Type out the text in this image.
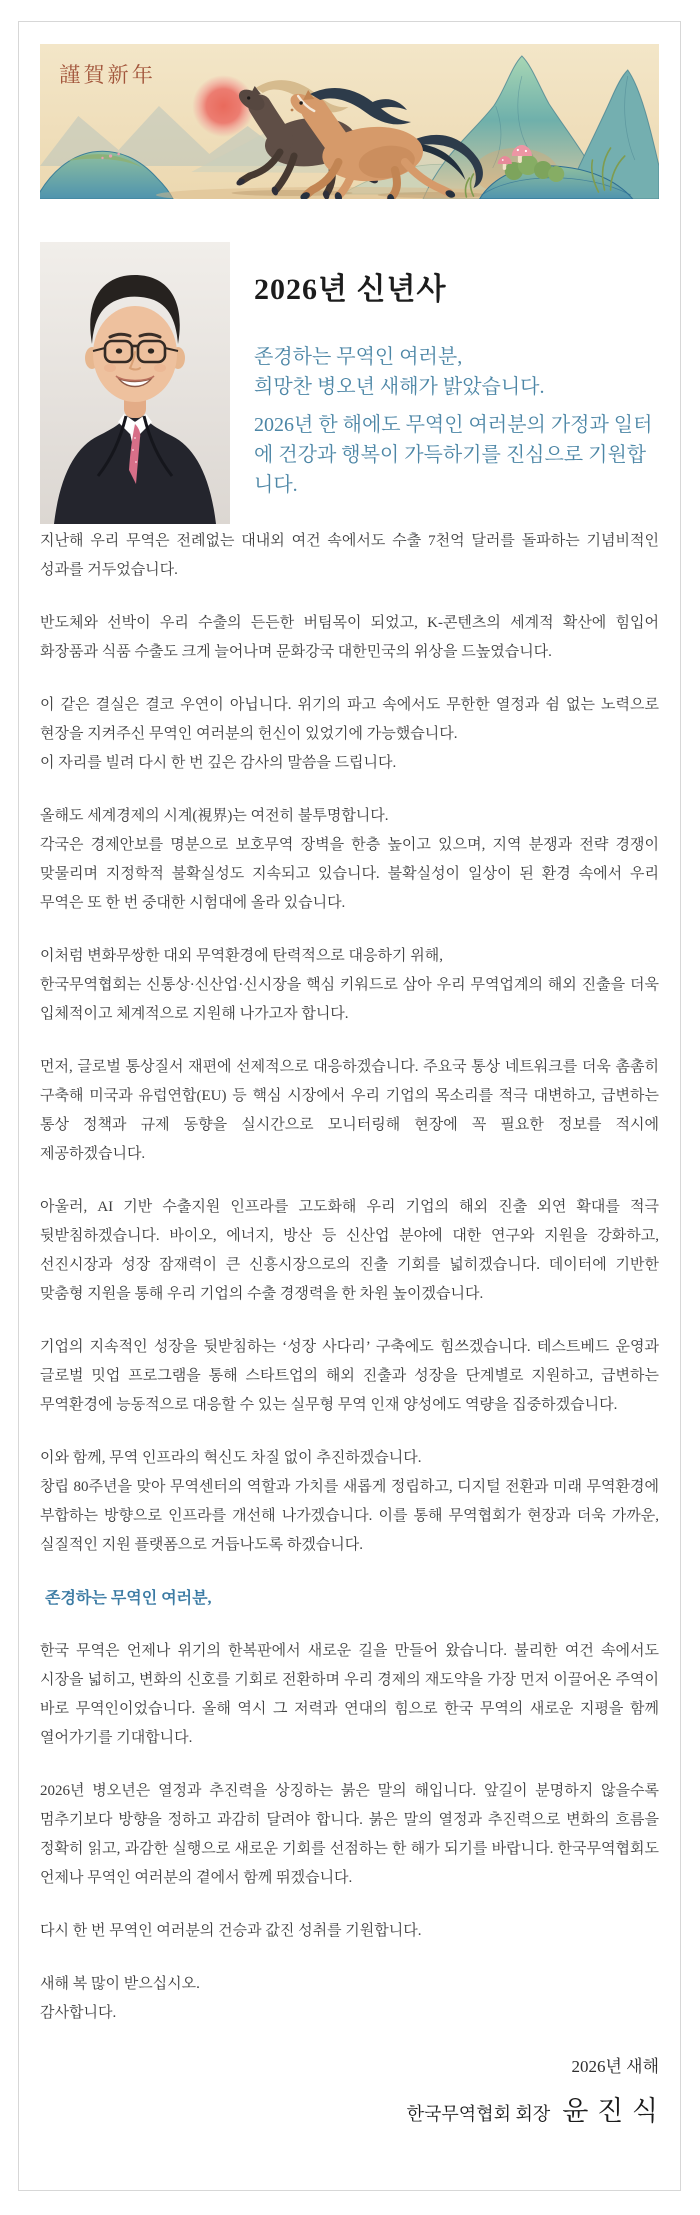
謹賀新年
2026년 신년사
존경하는 무역인 여러분,
희망찬 병오년 새해가 밝았습니다.
2026년 한 해에도 무역인 여러분의 가정과 일터에 건강과 행복이 가득하기를 진심으로 기원합니다.

지난해 우리 무역은 전례없는 대내외 여건 속에서도 수출 7천억 달러를 돌파하는 기념비적인 성과를 거두었습니다.

반도체와 선박이 우리 수출의 든든한 버팀목이 되었고, K-콘텐츠의 세계적 확산에 힘입어 화장품과 식품 수출도 크게 늘어나며 문화강국 대한민국의 위상을 드높였습니다.

이 같은 결실은 결코 우연이 아닙니다. 위기의 파고 속에서도 무한한 열정과 쉼 없는 노력으로 현장을 지켜주신 무역인 여러분의 헌신이 있었기에 가능했습니다.
이 자리를 빌려 다시 한 번 깊은 감사의 말씀을 드립니다.

올해도 세계경제의 시계(視界)는 여전히 불투명합니다.
각국은 경제안보를 명분으로 보호무역 장벽을 한층 높이고 있으며, 지역 분쟁과 전략 경쟁이 맞물리며 지정학적 불확실성도 지속되고 있습니다. 불확실성이 일상이 된 환경 속에서 우리 무역은 또 한 번 중대한 시험대에 올라 있습니다.

이처럼 변화무쌍한 대외 무역환경에 탄력적으로 대응하기 위해,
한국무역협회는 신통상·신산업·신시장을 핵심 키워드로 삼아 우리 무역업계의 해외 진출을 더욱 입체적이고 체계적으로 지원해 나가고자 합니다.

먼저, 글로벌 통상질서 재편에 선제적으로 대응하겠습니다. 주요국 통상 네트워크를 더욱 촘촘히 구축해 미국과 유럽연합(EU) 등 핵심 시장에서 우리 기업의 목소리를 적극 대변하고, 급변하는 통상 정책과 규제 동향을 실시간으로 모니터링해 현장에 꼭 필요한 정보를 적시에 제공하겠습니다.

아울러, AI 기반 수출지원 인프라를 고도화해 우리 기업의 해외 진출 외연 확대를 적극 뒷받침하겠습니다. 바이오, 에너지, 방산 등 신산업 분야에 대한 연구와 지원을 강화하고, 선진시장과 성장 잠재력이 큰 신흥시장으로의 진출 기회를 넓히겠습니다. 데이터에 기반한 맞춤형 지원을 통해 우리 기업의 수출 경쟁력을 한 차원 높이겠습니다.

기업의 지속적인 성장을 뒷받침하는 ‘성장 사다리’ 구축에도 힘쓰겠습니다. 테스트베드 운영과 글로벌 밋업 프로그램을 통해 스타트업의 해외 진출과 성장을 단계별로 지원하고, 급변하는 무역환경에 능동적으로 대응할 수 있는 실무형 무역 인재 양성에도 역량을 집중하겠습니다.

이와 함께, 무역 인프라의 혁신도 차질 없이 추진하겠습니다.
창립 80주년을 맞아 무역센터의 역할과 가치를 새롭게 정립하고, 디지털 전환과 미래 무역환경에 부합하는 방향으로 인프라를 개선해 나가겠습니다. 이를 통해 무역협회가 현장과 더욱 가까운, 실질적인 지원 플랫폼으로 거듭나도록 하겠습니다.

존경하는 무역인 여러분,

한국 무역은 언제나 위기의 한복판에서 새로운 길을 만들어 왔습니다. 불리한 여건 속에서도 시장을 넓히고, 변화의 신호를 기회로 전환하며 우리 경제의 재도약을 가장 먼저 이끌어온 주역이 바로 무역인이었습니다. 올해 역시 그 저력과 연대의 힘으로 한국 무역의 새로운 지평을 함께 열어가기를 기대합니다.

2026년 병오년은 열정과 추진력을 상징하는 붉은 말의 해입니다. 앞길이 분명하지 않을수록 멈추기보다 방향을 정하고 과감히 달려야 합니다. 붉은 말의 열정과 추진력으로 변화의 흐름을 정확히 읽고, 과감한 실행으로 새로운 기회를 선점하는 한 해가 되기를 바랍니다. 한국무역협회도 언제나 무역인 여러분의 곁에서 함께 뛰겠습니다.

다시 한 번 무역인 여러분의 건승과 값진 성취를 기원합니다.

새해 복 많이 받으십시오.
감사합니다.

2026년 새해
한국무역협회 회장 윤 진 식
